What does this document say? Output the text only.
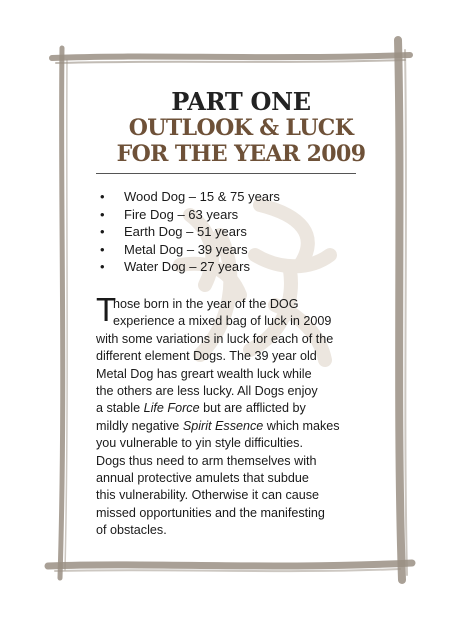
PART ONE
OUTLOOK & LUCK
FOR THE YEAR 2009
•	Wood Dog – 15 & 75 years
•	Fire Dog – 63 years
•	Earth Dog – 51 years
•	Metal Dog – 39 years
•	Water Dog – 27 years
T

hose born in the year of the DOG

experience a mixed bag of luck in 2009

with some variations in luck for each of the

different element Dogs. The 39 year old

Metal Dog has greart wealth luck while

the others are less lucky. All Dogs enjoy

a stable Life Force but are afflicted by

mildly negative Spirit Essence which makes

you vulnerable to yin style difficulties.

Dogs thus need to arm themselves with

annual protective amulets that subdue

this vulnerability. Otherwise it can cause

missed opportunities and the manifesting

of obstacles.
